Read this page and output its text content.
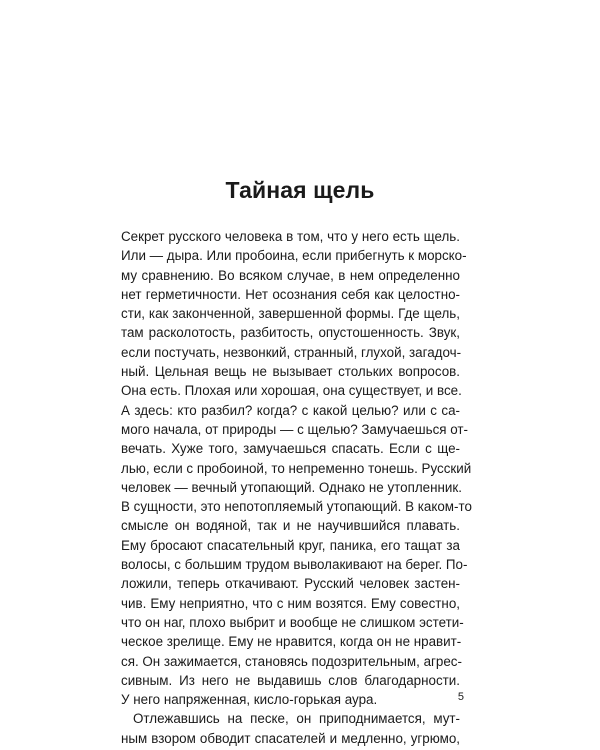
Тайная щель
Секрет русского человека в том, что у него есть щель.
Или — дыра. Или пробоина, если прибегнуть к морско-
му сравнению. Во всяком случае, в нем определенно
нет герметичности. Нет осознания себя как целостно-
сти, как законченной, завершенной формы. Где щель,
там расколотость, разбитость, опустошенность. Звук,
если постучать, незвонкий, странный, глухой, загадоч-
ный. Цельная вещь не вызывает стольких вопросов.
Она есть. Плохая или хорошая, она существует, и все.
А здесь: кто разбил? когда? с какой целью? или с са-
мого начала, от природы — с щелью? Замучаешься от-
вечать. Хуже того, замучаешься спасать. Если с ще-
лью, если с пробоиной, то непременно тонешь. Русский
человек — вечный утопающий. Однако не утопленник.
В сущности, это непотопляемый утопающий. В каком-то
смысле он водяной, так и не научившийся плавать.
Ему бросают спасательный круг, паника, его тащат за
волосы, с большим трудом выволакивают на берег. По-
ложили, теперь откачивают. Русский человек застен-
чив. Ему неприятно, что с ним возятся. Ему совестно,
что он наг, плохо выбрит и вообще не слишком эстети-
ческое зрелище. Ему не нравится, когда он не нравит-
ся. Он зажимается, становясь подозрительным, агрес-
сивным. Из него не выдавишь слов благодарности.
У него напряженная, кисло-горькая аура.
Отлежавшись на песке, он приподнимается, мут-
ным взором обводит спасателей и медленно, угрюмо,
5
